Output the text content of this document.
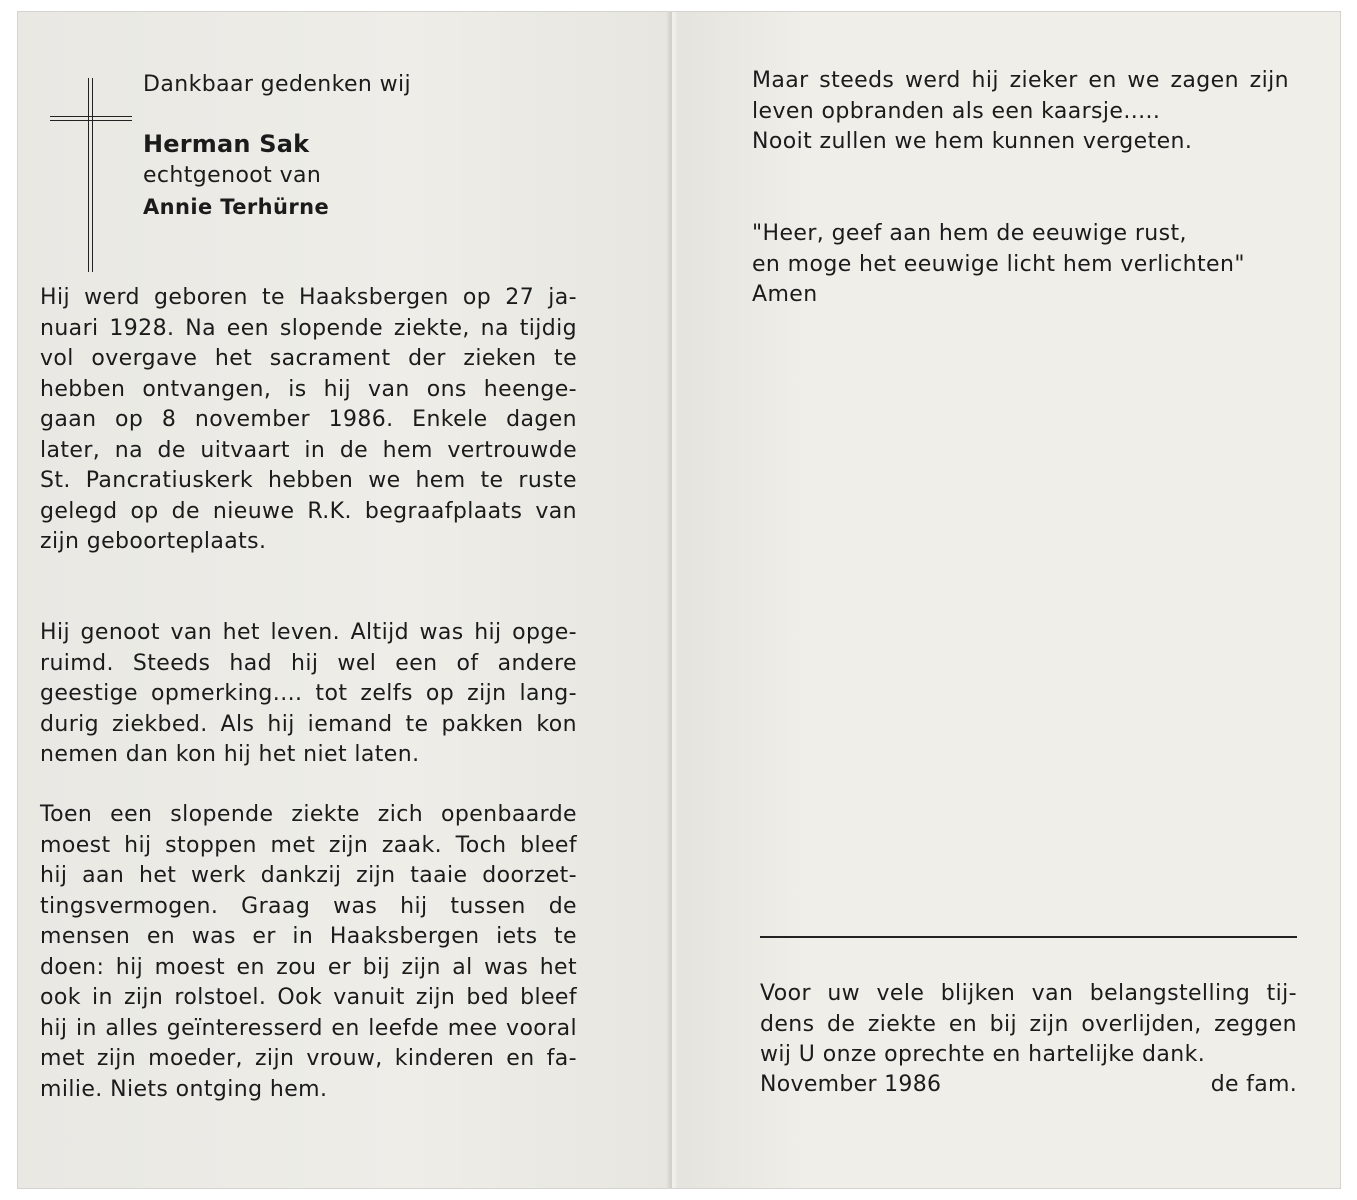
Dankbaar gedenken wij
Herman Sak
echtgenoot van
Annie Terhürne
Hij werd geboren te Haaksbergen op 27 ja-
nuari 1928. Na een slopende ziekte, na tijdig
vol overgave het sacrament der zieken te
hebben ontvangen, is hij van ons heenge-
gaan op 8 november 1986. Enkele dagen
later, na de uitvaart in de hem vertrouwde
St. Pancratiuskerk hebben we hem te ruste
gelegd op de nieuwe R.K. begraafplaats van
zijn geboorteplaats.
Hij genoot van het leven. Altijd was hij opge-
ruimd. Steeds had hij wel een of andere
geestige opmerking.... tot zelfs op zijn lang-
durig ziekbed. Als hij iemand te pakken kon
nemen dan kon hij het niet laten.
Toen een slopende ziekte zich openbaarde
moest hij stoppen met zijn zaak. Toch bleef
hij aan het werk dankzij zijn taaie doorzet-
tingsvermogen. Graag was hij tussen de
mensen en was er in Haaksbergen iets te
doen: hij moest en zou er bij zijn al was het
ook in zijn rolstoel. Ook vanuit zijn bed bleef
hij in alles geïnteresserd en leefde mee vooral
met zijn moeder, zijn vrouw, kinderen en fa-
milie. Niets ontging hem.
Maar steeds werd hij zieker en we zagen zijn
leven opbranden als een kaarsje.....
Nooit zullen we hem kunnen vergeten.
"Heer, geef aan hem de eeuwige rust,
en moge het eeuwige licht hem verlichten"
Amen
Voor uw vele blijken van belangstelling tij-
dens de ziekte en bij zijn overlijden, zeggen
wij U onze oprechte en hartelijke dank.
November 1986	de fam.
